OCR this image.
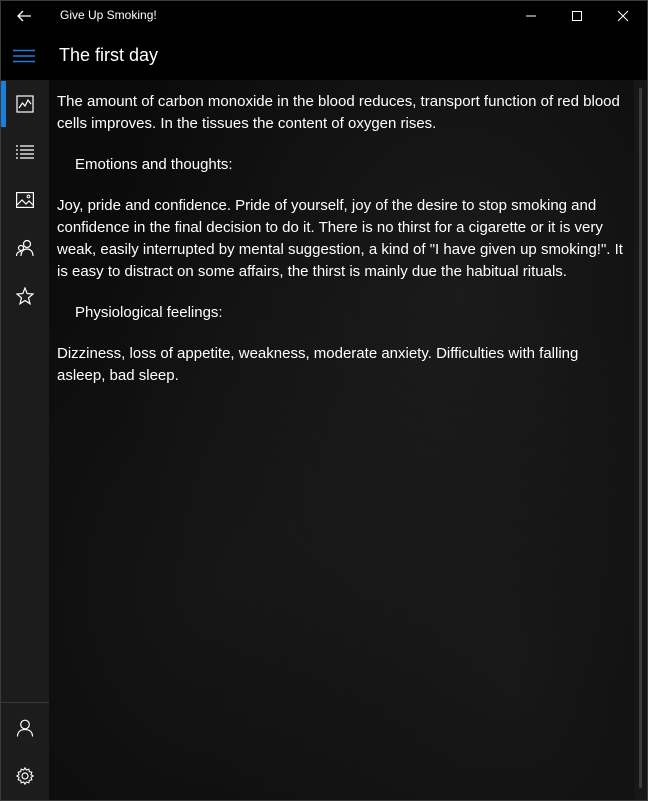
Give Up Smoking!
The first day

The amount of carbon monoxide in the blood reduces, transport function of red blood cells improves. In the tissues the content of oxygen rises.

Emotions and thoughts:

Joy, pride and confidence. Pride of yourself, joy of the desire to stop smoking and confidence in the final decision to do it. There is no thirst for a cigarette or it is very weak, easily interrupted by mental suggestion, a kind of "I have given up smoking!". It is easy to distract on some affairs, the thirst is mainly due the habitual rituals.

Physiological feelings:

Dizziness, loss of appetite, weakness, moderate anxiety. Difficulties with falling asleep, bad sleep.
